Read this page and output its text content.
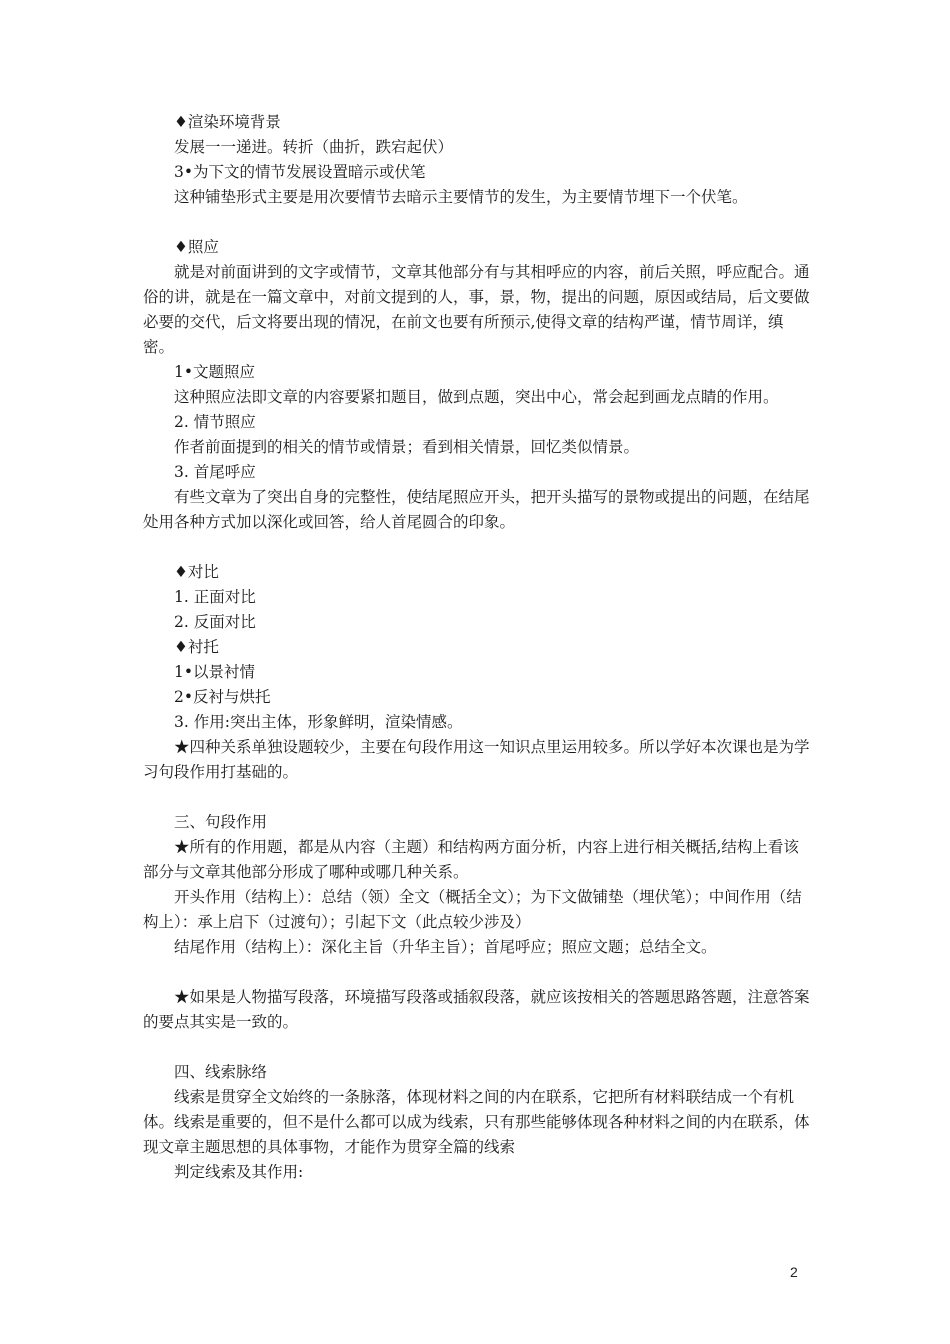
♦渲染环境背景

发展一一递进。转折（曲折，跌宕起伏）

3•为下文的情节发展设置暗示或伏笔

这种铺垫形式主要是用次要情节去暗示主要情节的发生，为主要情节埋下一个伏笔。

♦照应

就是对前面讲到的文字或情节，文章其他部分有与其相呼应的内容，前后关照，呼应配合。通俗的讲，就是在一篇文章中，对前文提到的人，事，景，物，提出的问题，原因或结局，后文要做必要的交代，后文将要出现的情况，在前文也要有所预示,使得文章的结构严谨，情节周详，缜密。

1•文题照应

这种照应法即文章的内容要紧扣题目，做到点题，突出中心，常会起到画龙点睛的作用。

2. 情节照应

作者前面提到的相关的情节或情景；看到相关情景，回忆类似情景。

3. 首尾呼应

有些文章为了突出自身的完整性，使结尾照应开头，把开头描写的景物或提出的问题，在结尾处用各种方式加以深化或回答，给人首尾圆合的印象。

♦对比

1. 正面对比

2. 反面对比

♦衬托

1•以景衬情

2•反衬与烘托

3. 作用:突出主体，形象鲜明，渲染情感。

★四种关系单独设题较少，主要在句段作用这一知识点里运用较多。所以学好本次课也是为学习句段作用打基础的。

三、句段作用

★所有的作用题，都是从内容（主题）和结构两方面分析，内容上进行相关概括,结构上看该部分与文章其他部分形成了哪种或哪几种关系。

开头作用（结构上）：总结（领）全文（概括全文）；为下文做铺垫（埋伏笔）；中间作用（结构上）：承上启下（过渡句）；引起下文（此点较少涉及）

结尾作用（结构上）：深化主旨（升华主旨）；首尾呼应；照应文题；总结全文。

★如果是人物描写段落，环境描写段落或插叙段落，就应该按相关的答题思路答题，注意答案的要点其实是一致的。

四、线索脉络

线索是贯穿全文始终的一条脉落，体现材料之间的内在联系，它把所有材料联结成一个有机体。线索是重要的，但不是什么都可以成为线索，只有那些能够体现各种材料之间的内在联系，体现文章主题思想的具体事物，才能作为贯穿全篇的线索

判定线索及其作用:

2
